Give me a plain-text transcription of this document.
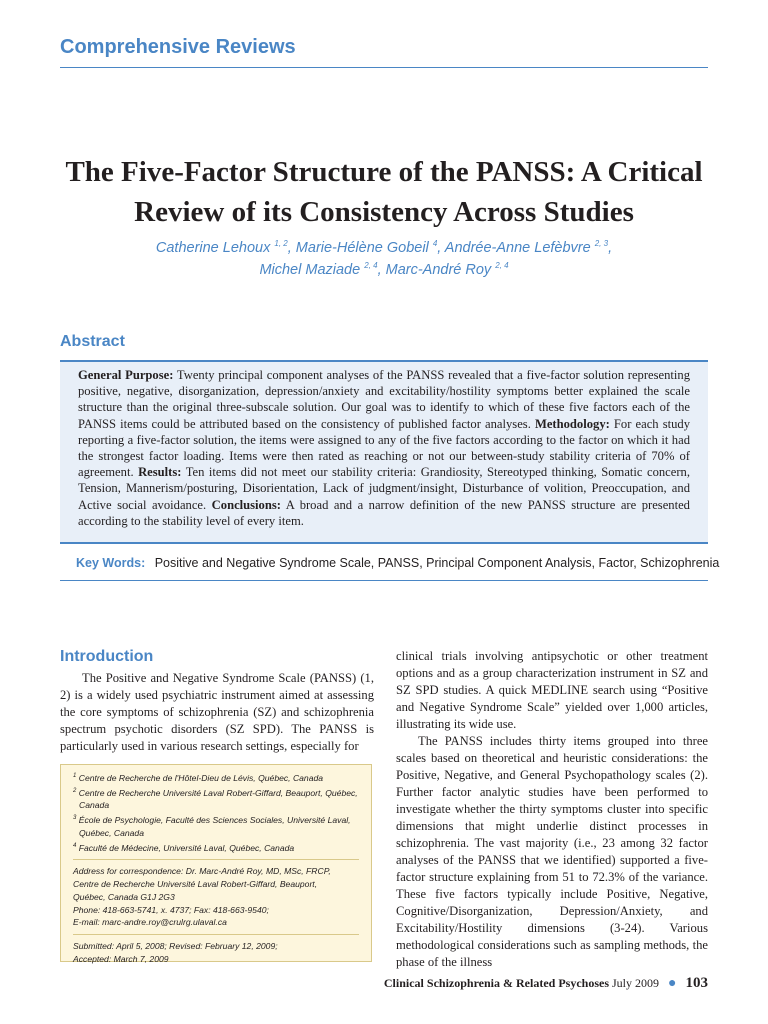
Comprehensive Reviews
The Five-Factor Structure of the PANSS: A Critical
Review of its Consistency Across Studies
Catherine Lehoux $^{1, 2}$, Marie-Hélène Gobeil $^4$, Andrée-Anne Lefèbvre $^{2, 3}$,
Michel Maziade $^{2, 4}$, Marc-André Roy $^{2, 4}$
Abstract

General Purpose: Twenty principal component analyses of the PANSS revealed that a five-factor solution representing positive, negative, disorganization, depression/anxiety and excitability/hostility symptoms better explained the scale structure than the original three-subscale solution. Our goal was to identify to which of these five factors each of the PANSS items could be attributed based on the consistency of published factor analyses. Methodology: For each study reporting a five-factor solution, the items were assigned to any of the five factors according to the factor on which it had the strongest factor loading. Items were then rated as reaching or not our between-study stability criteria of 70% of agreement. Results: Ten items did not meet our stability criteria: Grandiosity, Stereotyped thinking, Somatic concern, Tension, Mannerism/posturing, Disorientation, Lack of judgment/insight, Disturbance of volition, Preoccupation, and Active social avoidance. Conclusions: A broad and a narrow definition of the new PANSS structure are presented according to the stability level of every item.

Key Words: Positive and Negative Syndrome Scale, PANSS, Principal Component Analysis, Factor, Schizophrenia
Introduction

The Positive and Negative Syndrome Scale (PANSS) (1, 2) is a widely used psychiatric instrument aimed at assessing the core symptoms of schizophrenia (SZ) and schizophrenia spectrum psychotic disorders (SZ SPD). The PANSS is particularly used in various research settings, especially for

clinical trials involving antipsychotic or other treatment options and as a group characterization instrument in SZ and SZ SPD studies. A quick MEDLINE search using “Positive and Negative Syndrome Scale” yielded over 1,000 articles, illustrating its wide use.

The PANSS includes thirty items grouped into three scales based on theoretical and heuristic considerations: the Positive, Negative, and General Psychopathology scales (2). Further factor analytic studies have been performed to investigate whether the thirty symptoms cluster into specific dimensions that might underlie distinct processes in schizophrenia. The vast majority (i.e., 23 among 32 factor analyses of the PANSS that we identified) supported a five-factor structure explaining from 51 to 72.3% of the variance. These five factors typically include Positive, Negative, Cognitive/Disorganization, Depression/Anxiety, and Excitability/Hostility dimensions (3-24). Various methodological considerations such as sampling methods, the phase of the illness

$^1$ Centre de Recherche de l'Hôtel-Dieu de Lévis, Québec, Canada
$^2$ Centre de Recherche Université Laval Robert-Giffard, Beauport, Québec, Canada
$^3$ École de Psychologie, Faculté des Sciences Sociales, Université Laval, Québec, Canada
$^4$ Faculté de Médecine, Université Laval, Québec, Canada
Address for correspondence: Dr. Marc-André Roy, MD, MSc, FRCP,
Centre de Recherche Université Laval Robert-Giffard, Beauport,
Québec, Canada G1J 2G3
Phone: 418-663-5741, x. 4737; Fax: 418-663-9540;
E-mail: marc-andre.roy@crulrg.ulaval.ca
Submitted: April 5, 2008; Revised: February 12, 2009;
Accepted: March 7, 2009
Clinical Schizophrenia & Related Psychoses July 2009 ● 103
